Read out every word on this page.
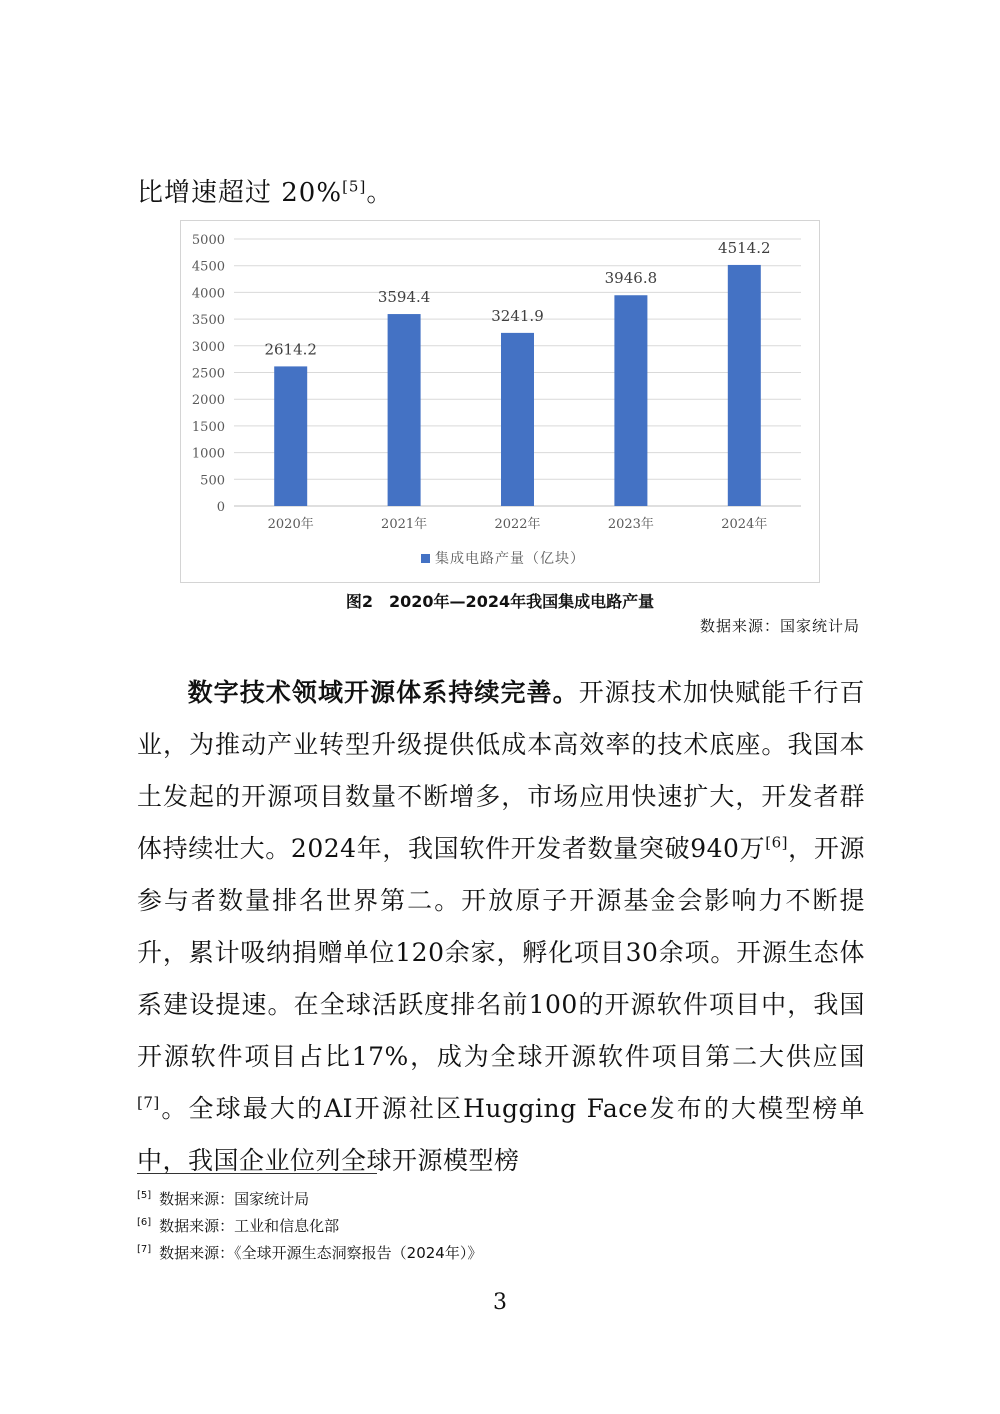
比增速超过 20%[5]。
0
500
1000
1500
2000
2500
3000
3500
4000
4500
5000
2614.2
2020年
3594.4
2021年
3241.9
2022年
3946.8
2023年
4514.2
2024年
集成电路产量（亿块）
图2　2020年—2024年我国集成电路产量
数据来源：国家统计局
数字技术领域开源体系持续完善。开源技术加快赋能千行百业，为推动产业转型升级提供低成本高效率的技术底座。我国本土发起的开源项目数量不断增多，市场应用快速扩大，开发者群体持续壮大。2024年，我国软件开发者数量突破940万[6]，开源参与者数量排名世界第二。开放原子开源基金会影响力不断提升，累计吸纳捐赠单位120余家，孵化项目30余项。开源生态体系建设提速。在全球活跃度排名前100的开源软件项目中，我国开源软件项目占比17%，成为全球开源软件项目第二大供应国[7]。全球最大的AI开源社区Hugging Face发布的大模型榜单中，我国企业位列全球开源模型榜
[5] 数据来源：国家统计局
[6] 数据来源：工业和信息化部
[7] 数据来源：《全球开源生态洞察报告（2024年）》
3
